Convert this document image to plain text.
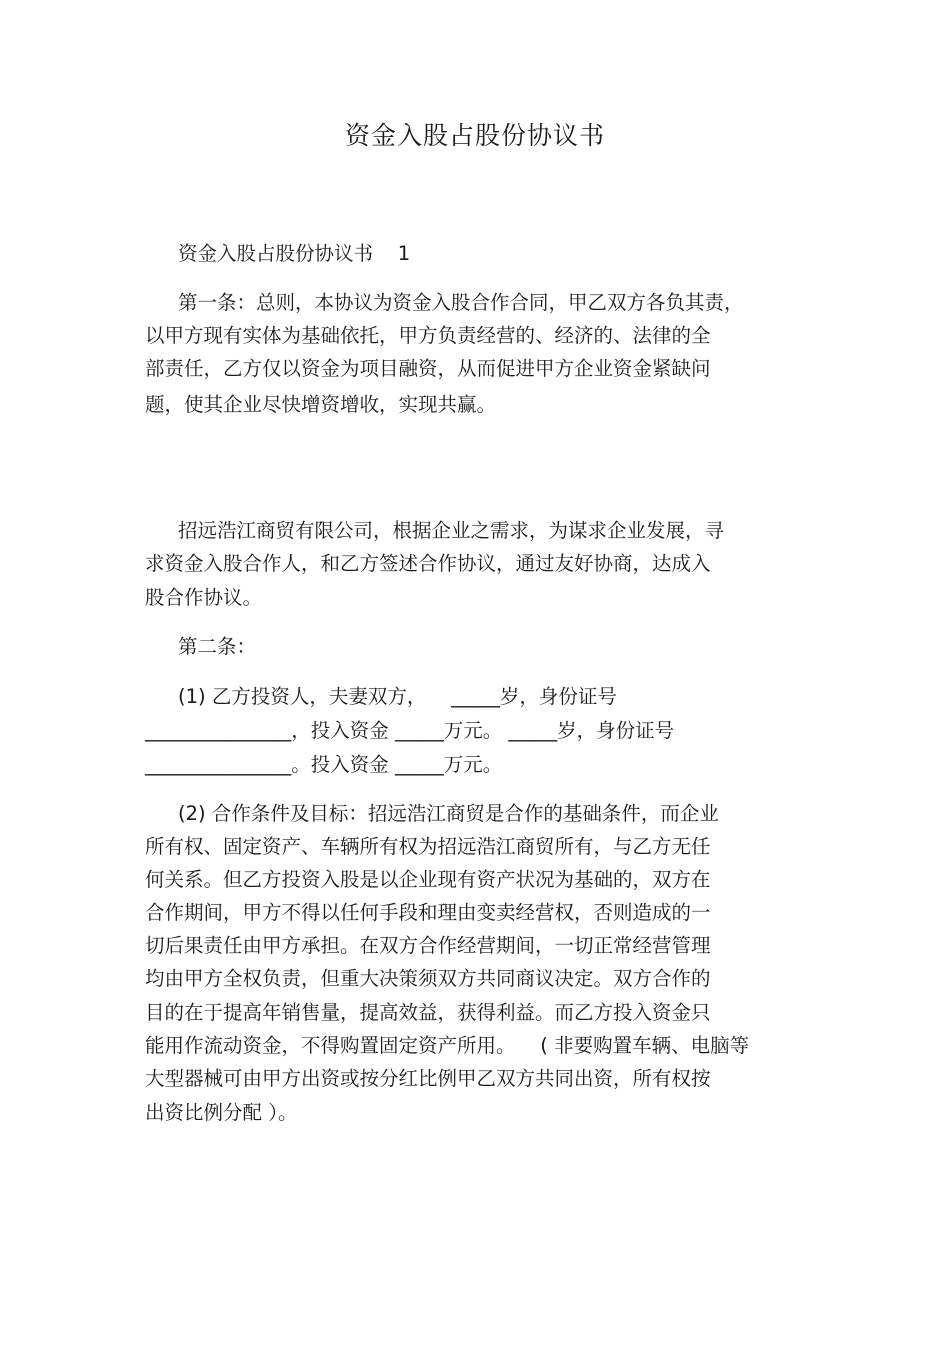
资金入股占股份协议书
资金入股占股份协议书    1
第一条：总则，本协议为资金入股合作合同，甲乙双方各负其责，
以甲方现有实体为基础依托，甲方负责经营的、经济的、法律的全
部责任，乙方仅以资金为项目融资，从而促进甲方企业资金紧缺问
题，使其企业尽快增资增收，实现共赢。
招远浩江商贸有限公司，根据企业之需求，为谋求企业发展，寻
求资金入股合作人，和乙方签述合作协议，通过友好协商，达成入
股合作协议。
第二条：
(1) 乙方投资人，夫妻双方，    _____岁，身份证号
_______________，投入资金 _____万元。 _____岁，身份证号
_______________。投入资金 _____万元。
(2) 合作条件及目标：招远浩江商贸是合作的基础条件，而企业
所有权、固定资产、车辆所有权为招远浩江商贸所有，与乙方无任
何关系。但乙方投资入股是以企业现有资产状况为基础的，双方在
合作期间，甲方不得以任何手段和理由变卖经营权，否则造成的一
切后果责任由甲方承担。在双方合作经营期间，一切正常经营管理
均由甲方全权负责，但重大决策须双方共同商议决定。双方合作的
目的在于提高年销售量，提高效益，获得利益。而乙方投入资金只
能用作流动资金，不得购置固定资产所用。    ( 非要购置车辆、电脑等
大型器械可由甲方出资或按分红比例甲乙双方共同出资，所有权按
出资比例分配 ）。
